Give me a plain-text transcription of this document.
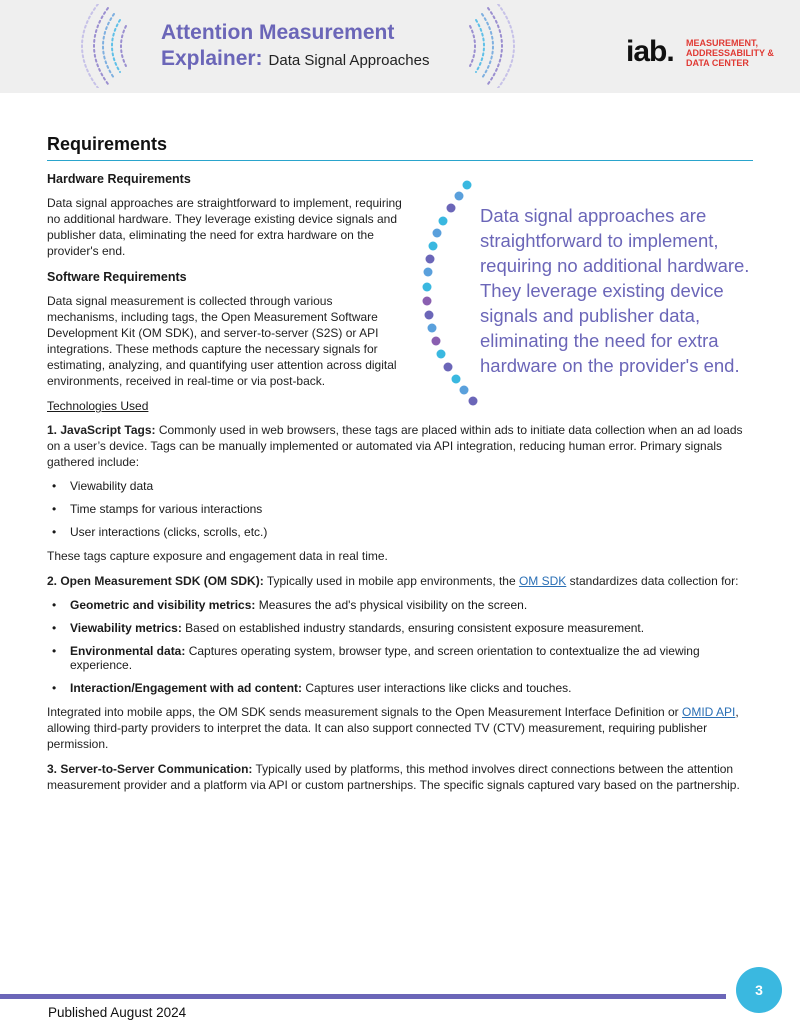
Attention Measurement
Explainer: Data Signal Approaches	iab. MEASUREMENT,
ADDRESSABILITY &
DATA CENTER
Data signal approaches are straightforward to implement, requiring no additional hardware. They leverage existing device signals and publisher data, eliminating the need for extra hardware on the provider's end.
Requirements
Hardware Requirements
Data signal approaches are straightforward to implement, requiring no additional hardware. They leverage existing device signals and publisher data, eliminating the need for extra hardware on the provider's end.
Software Requirements
Data signal measurement is collected through various mechanisms, including tags, the Open Measurement Software Development Kit (OM SDK), and server-to-server (S2S) or API integrations. These methods capture the necessary signals for estimating, analyzing, and quantifying user attention across digital environments, received in real-time or via post-back.
Technologies Used
1. JavaScript Tags: Commonly used in web browsers, these tags are placed within ads to initiate data collection when an ad loads on a user’s device. Tags can be manually implemented or automated via API integration, reducing human error. Primary signals gathered include:
• Viewability data
• Time stamps for various interactions
• User interactions (clicks, scrolls, etc.)
These tags capture exposure and engagement data in real time.
2. Open Measurement SDK (OM SDK): Typically used in mobile app environments, the OM SDK standardizes data collection for:
• Geometric and visibility metrics: Measures the ad's physical visibility on the screen.
• Viewability metrics: Based on established industry standards, ensuring consistent exposure measurement.
• Environmental data: Captures operating system, browser type, and screen orientation to contextualize the ad viewing experience.
• Interaction/Engagement with ad content: Captures user interactions like clicks and touches.
Integrated into mobile apps, the OM SDK sends measurement signals to the Open Measurement Interface Definition or OMID API, allowing third-party providers to interpret the data. It can also support connected TV (CTV) measurement, requiring publisher permission.
3. Server-to-Server Communication: Typically used by platforms, this method involves direct connections between the attention measurement provider and a platform via API or custom partnerships. The specific signals captured vary based on the partnership.
3
Published August 2024
